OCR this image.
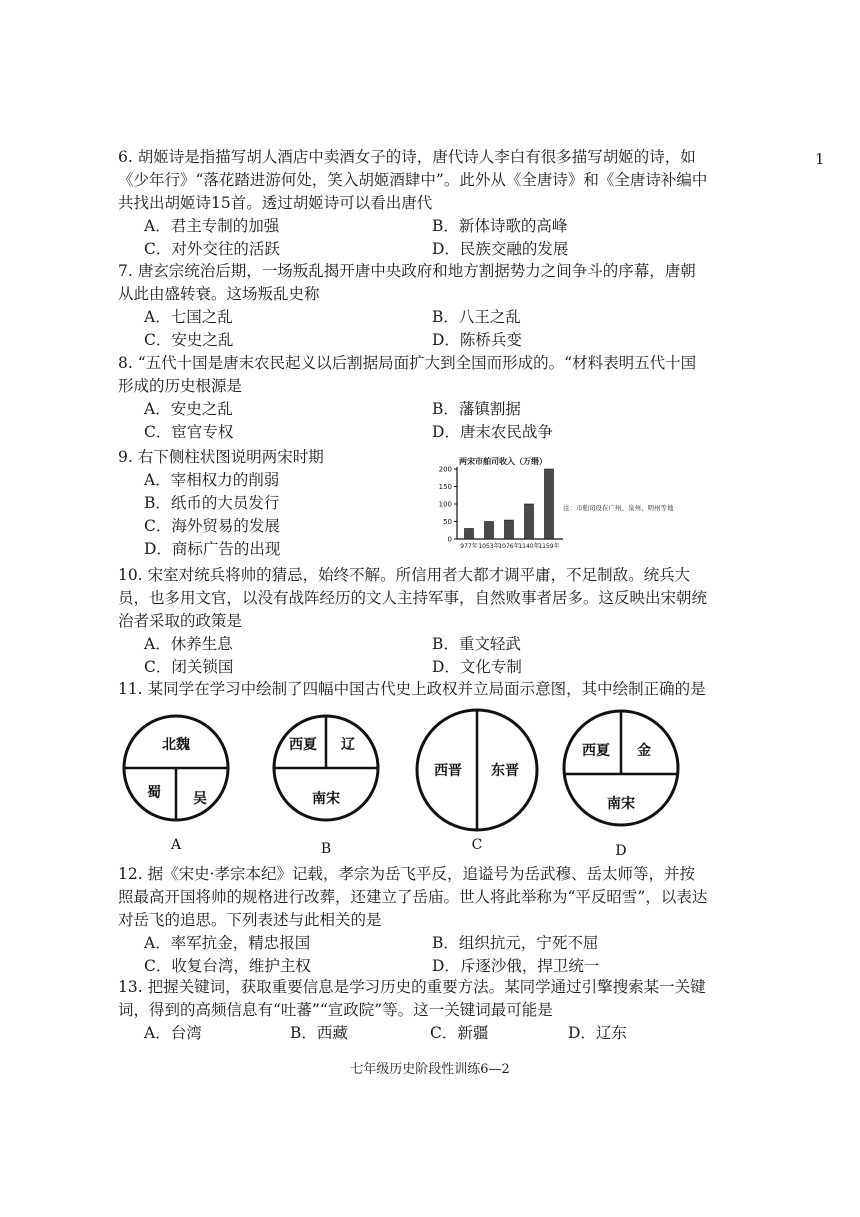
1

6. 胡姬诗是指描写胡人酒店中卖酒女子的诗，唐代诗人李白有很多描写胡姬的诗，如《少年行》“落花踏进游何处，笑入胡姬酒肆中”。此外从《全唐诗》和《全唐诗补编中共找出胡姬诗15首。透过胡姬诗可以看出唐代

A．君主专制的加强	B．新体诗歌的高峰
C．对外交往的活跃	D．民族交融的发展

7. 唐玄宗统治后期，一场叛乱揭开唐中央政府和地方割据势力之间争斗的序幕，唐朝从此由盛转衰。这场叛乱史称

A．七国之乱	B．八王之乱
C．安史之乱	D．陈桥兵变

8. “五代十国是唐末农民起义以后割据局面扩大到全国而形成的。“材料表明五代十国形成的历史根源是

A．安史之乱	B．藩镇割据
C．宦官专权	D．唐末农民战争

9. 右下侧柱状图说明两宋时期

A．宰相权力的削弱
B．纸币的大员发行
C．海外贸易的发展
D．商标广告的出现
两宋市舶司收入（万缗）
0
50
100
150
200
977年 1053年
1076年
1140年
1159年
注：市舶司设在广州、泉州、明州等地

10. 宋室对统兵将帅的猜忌，始终不解。所信用者大都才调平庸，不足制敌。统兵大员，也多用文官，以没有战阵经历的文人主持军事，自然败事者居多。这反映出宋朝统治者采取的政策是

A．休养生息	B．重文轻武
C．闭关锁国	D．文化专制

11. 某同学在学习中绘制了四幅中国古代史上政权并立局面示意图，其中绘制正确的是

北魏
蜀 吴
A
西夏 辽
南宋
B
西晋 东晋
C
西夏 金
南宋
D

12. 据《宋史·孝宗本纪》记载，孝宗为岳飞平反，追谥号为岳武穆、岳太师等，并按照最高开国将帅的规格进行改葬，还建立了岳庙。世人将此举称为“平反昭雪”，以表达对岳飞的追思。下列表述与此相关的是

A．率军抗金，精忠报国	B．组织抗元，宁死不屈
C．收复台湾，维护主权	D．斥逐沙俄，捍卫统一

13. 把握关键词，获取重要信息是学习历史的重要方法。某同学通过引擎搜索某一关键词，得到的高频信息有“吐蕃”“宣政院”等。这一关键词最可能是

A．台湾	B．西藏	C．新疆	D．辽东
七年级历史阶段性训练6—2
